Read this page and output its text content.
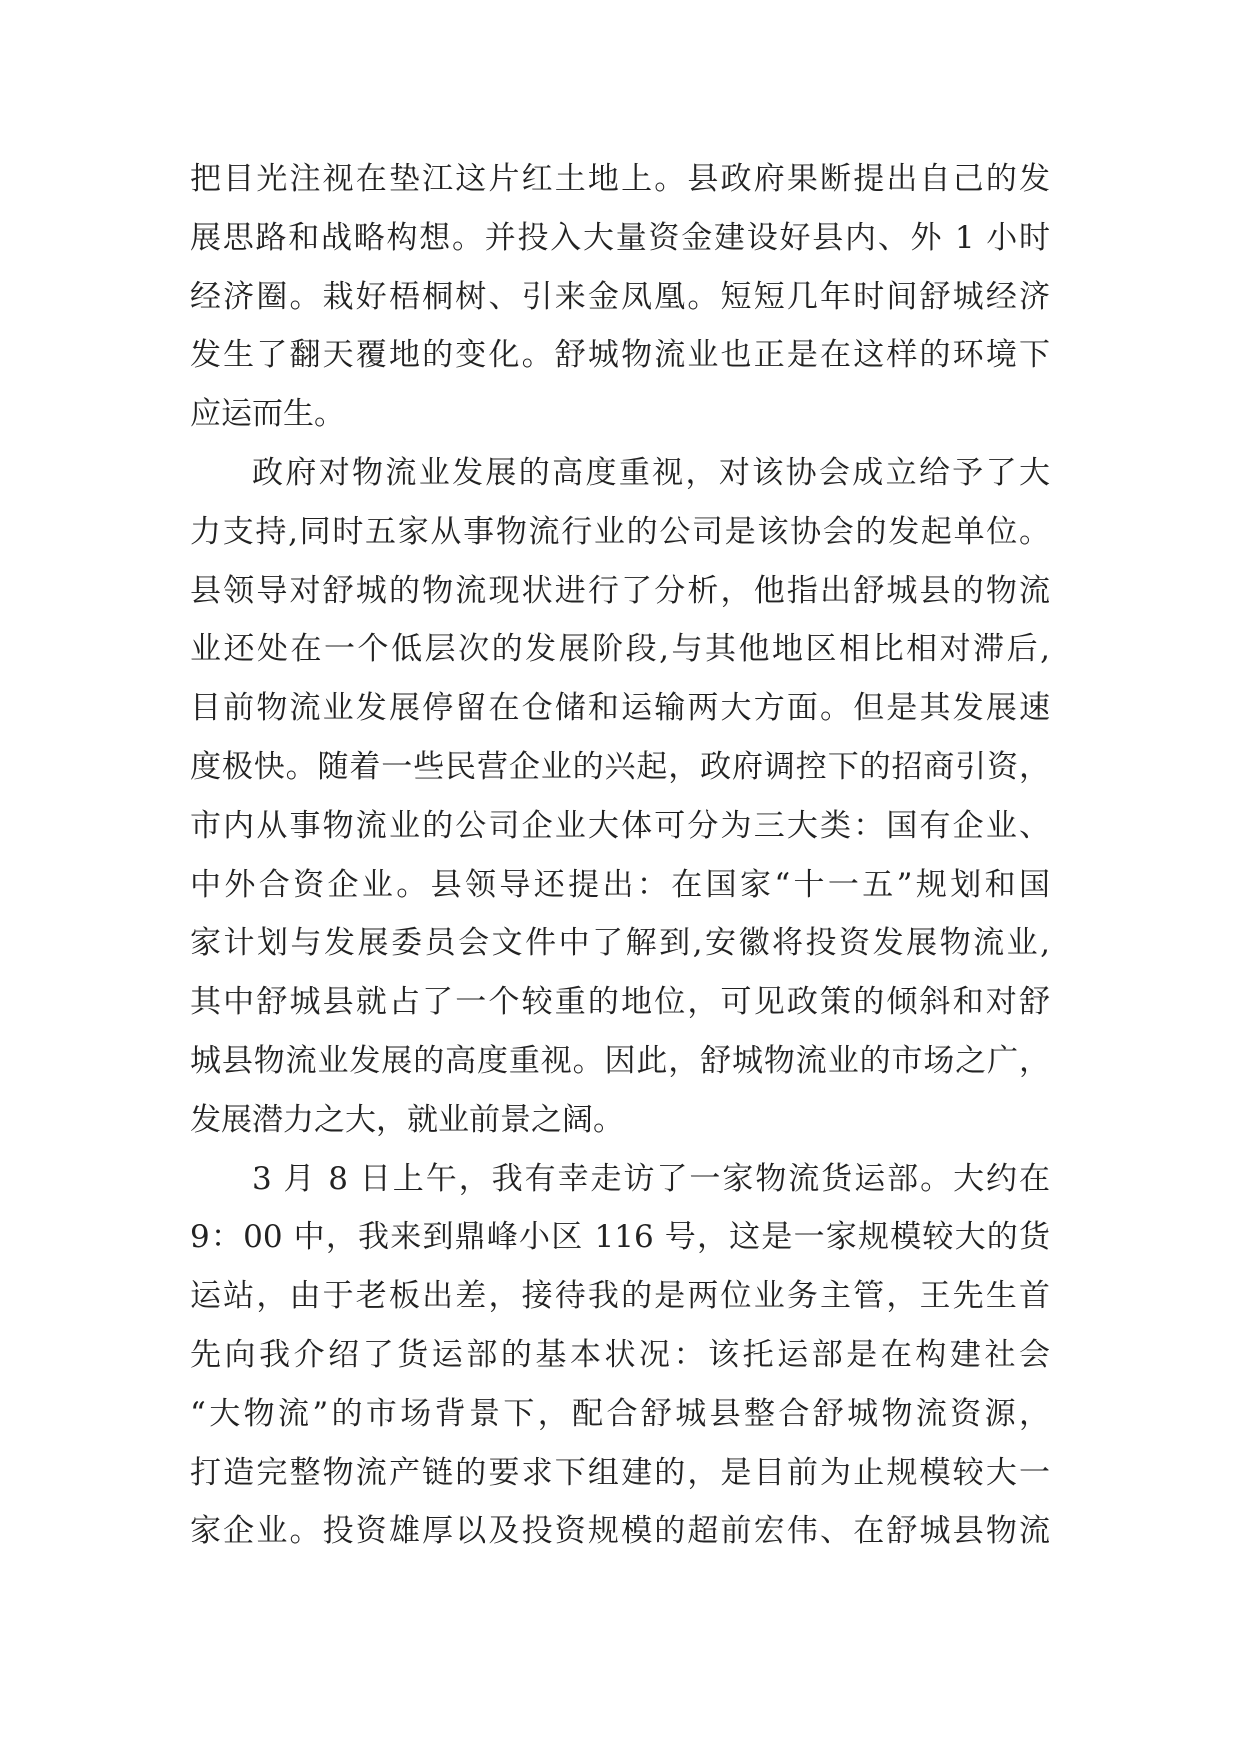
把目光注视在垫江这片红土地上。县政府果断提出自己的发
展思路和战略构想。并投入大量资金建设好县内、外 1 小时
经济圈。栽好梧桐树、引来金凤凰。短短几年时间舒城经济
发生了翻天覆地的变化。舒城物流业也正是在这样的环境下
应运而生。
政府对物流业发展的高度重视，对该协会成立给予了大
力支持,同时五家从事物流行业的公司是该协会的发起单位。
县领导对舒城的物流现状进行了分析，他指出舒城县的物流
业还处在一个低层次的发展阶段,与其他地区相比相对滞后,
目前物流业发展停留在仓储和运输两大方面。但是其发展速
度极快。随着一些民营企业的兴起，政府调控下的招商引资，
市内从事物流业的公司企业大体可分为三大类：国有企业、
中外合资企业。县领导还提出：在国家“十一五”规划和国
家计划与发展委员会文件中了解到,安徽将投资发展物流业,
其中舒城县就占了一个较重的地位，可见政策的倾斜和对舒
城县物流业发展的高度重视。因此，舒城物流业的市场之广，
发展潜力之大，就业前景之阔。
3 月 8 日上午，我有幸走访了一家物流货运部。大约在
9：00 中，我来到鼎峰小区 116 号，这是一家规模较大的货
运站，由于老板出差，接待我的是两位业务主管，王先生首
先向我介绍了货运部的基本状况：该托运部是在构建社会
“大物流”的市场背景下，配合舒城县整合舒城物流资源，
打造完整物流产链的要求下组建的，是目前为止规模较大一
家企业。投资雄厚以及投资规模的超前宏伟、在舒城县物流
